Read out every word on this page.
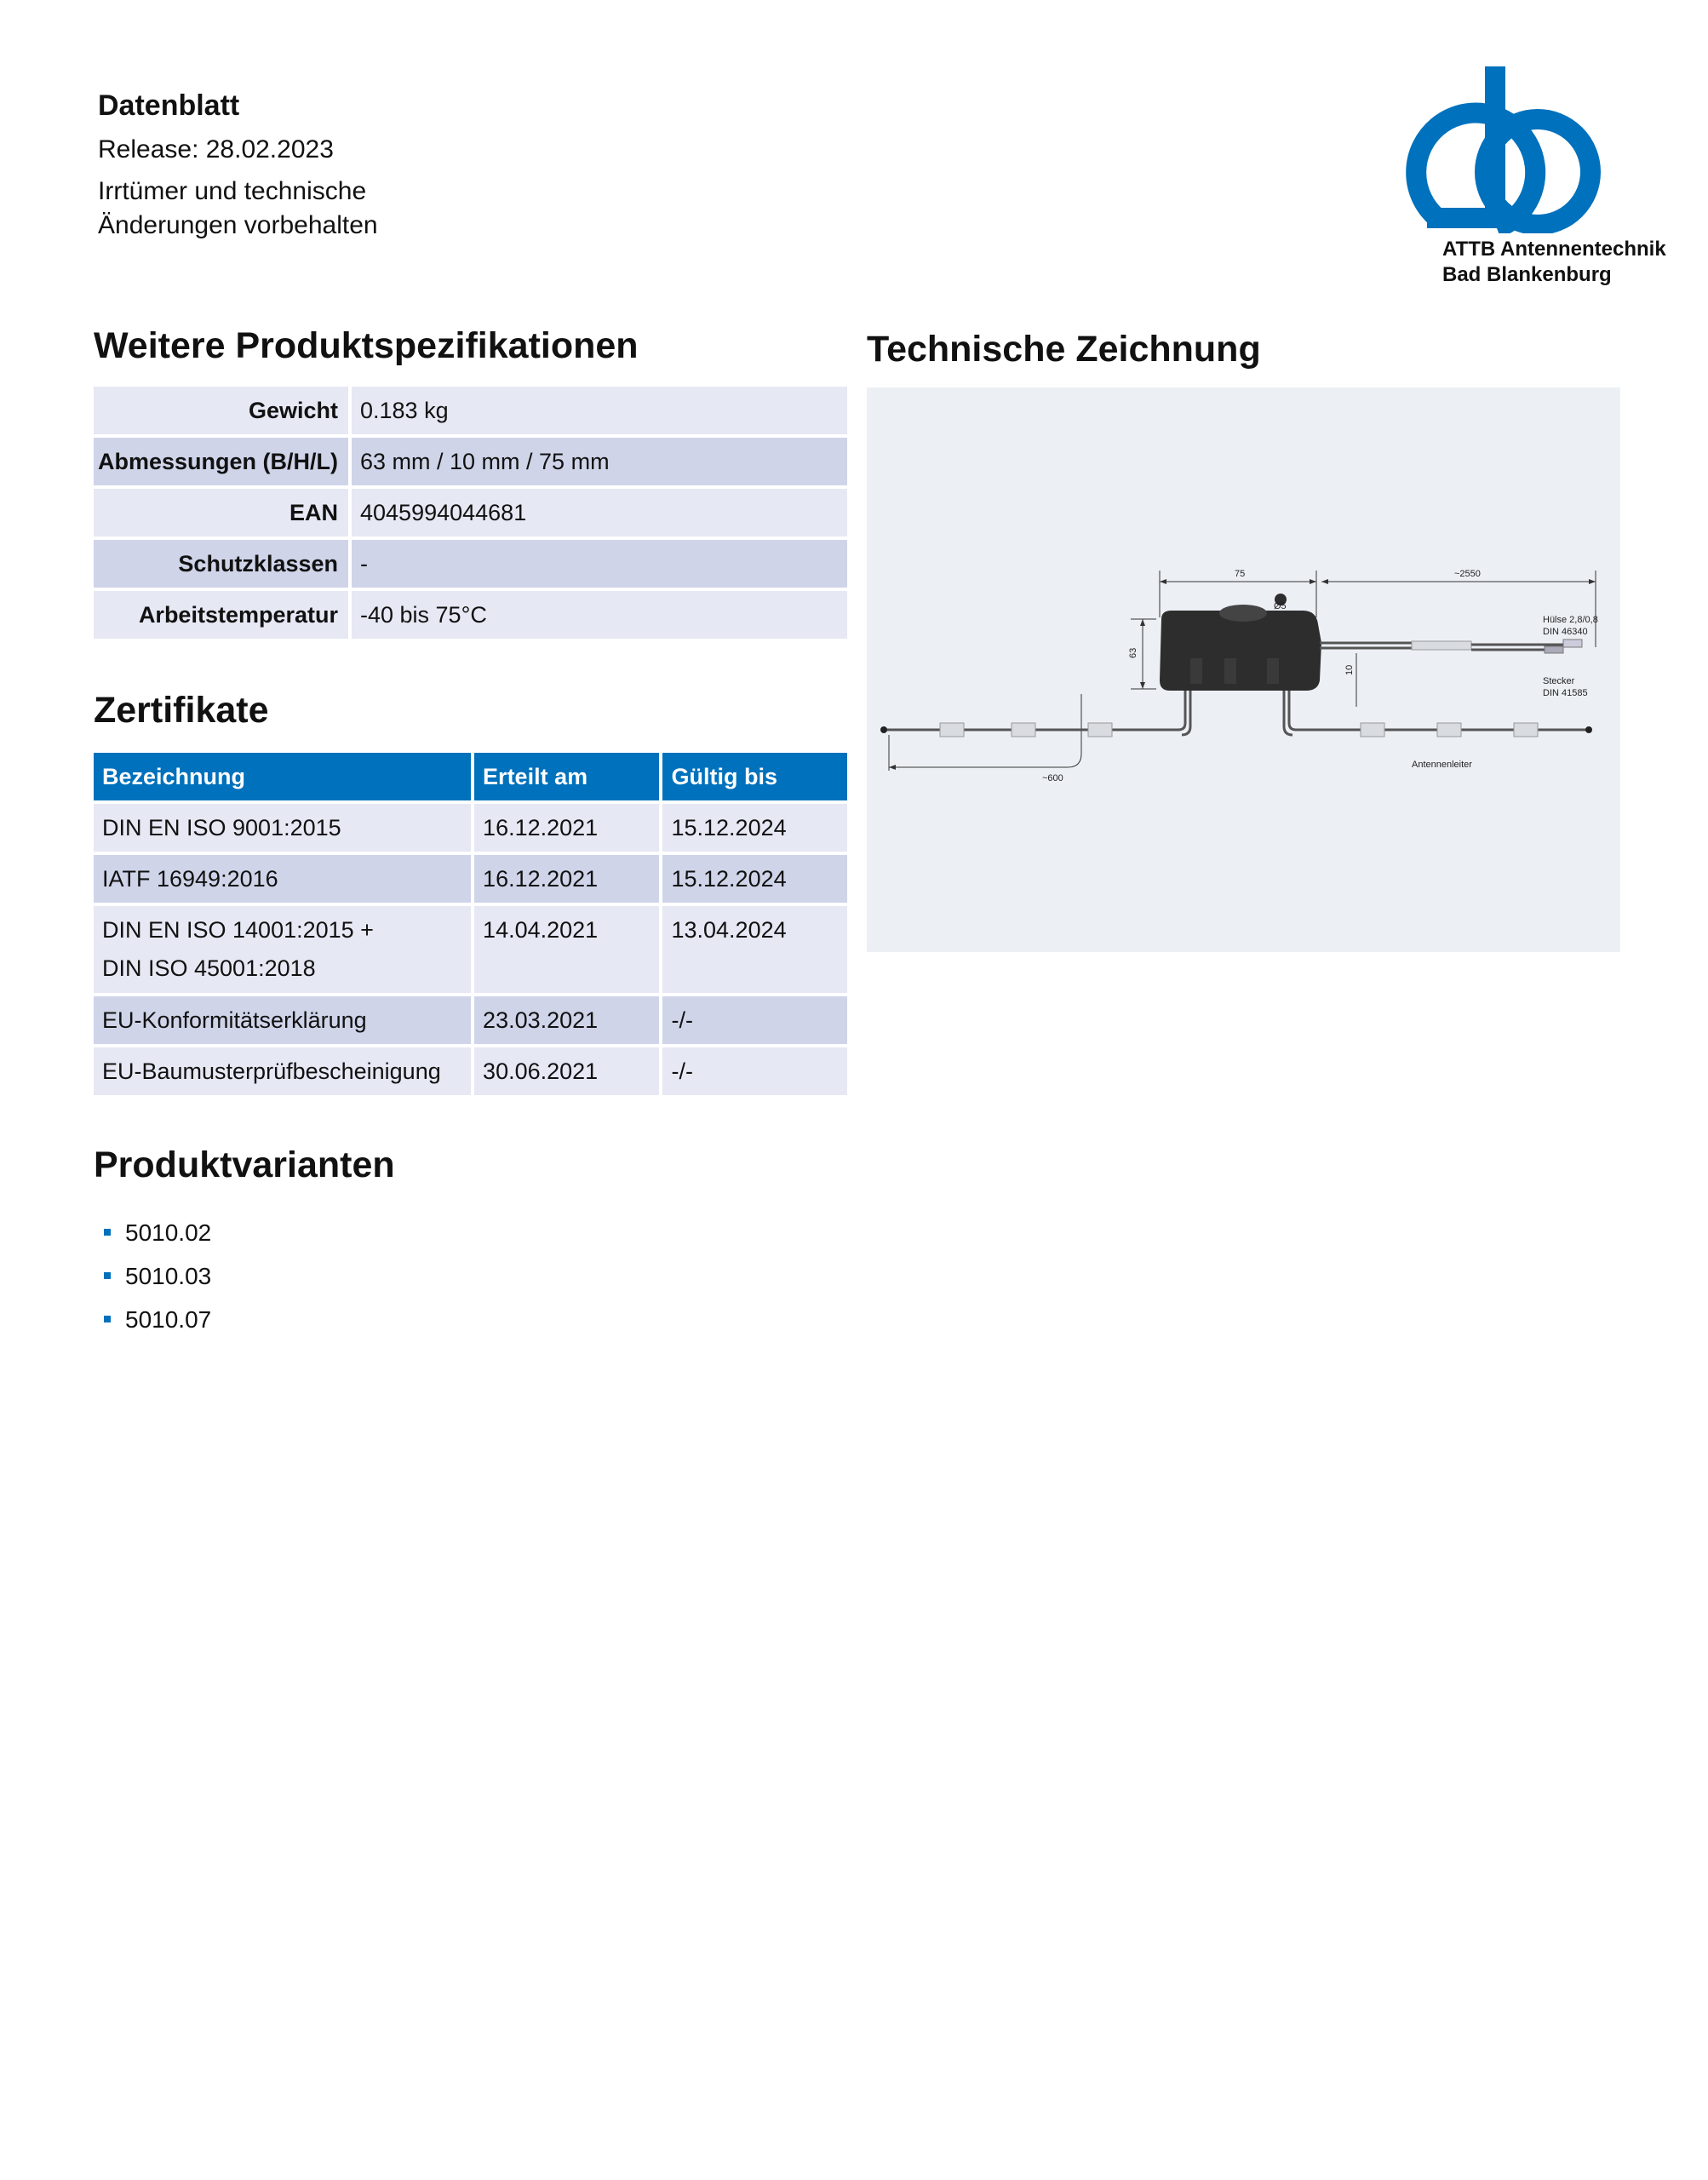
Datenblatt
Release: 28.02.2023
Irrtümer und technische
Änderungen vorbehalten
ATTB Antennentechnik
Bad Blankenburg
Weitere Produktspezifikationen
Gewicht	0.183 kg
Abmessungen (B/H/L)	63 mm / 10 mm / 75 mm
EAN	4045994044681
Schutzklassen	-
Arbeitstemperatur	-40 bis 75°C
Zertifikate
Bezeichnung	Erteilt am	Gültig bis
DIN EN ISO 9001:2015	16.12.2021	15.12.2024
IATF 16949:2016	16.12.2021	15.12.2024

DIN EN ISO 14001:2015 +
DIN ISO 45001:2018	14.04.2021	13.04.2024
EU-Konformitätserklärung	23.03.2021	-/-
EU-Baumusterprüfbescheinigung	30.06.2021	-/-
Produktvarianten
5010.02
5010.03
5010.07
Technische Zeichnung
75	~2550
Ø5
63
10
~600
Hülse 2,8/0,8
DIN 46340
Stecker
DIN 41585
Antennenleiter
